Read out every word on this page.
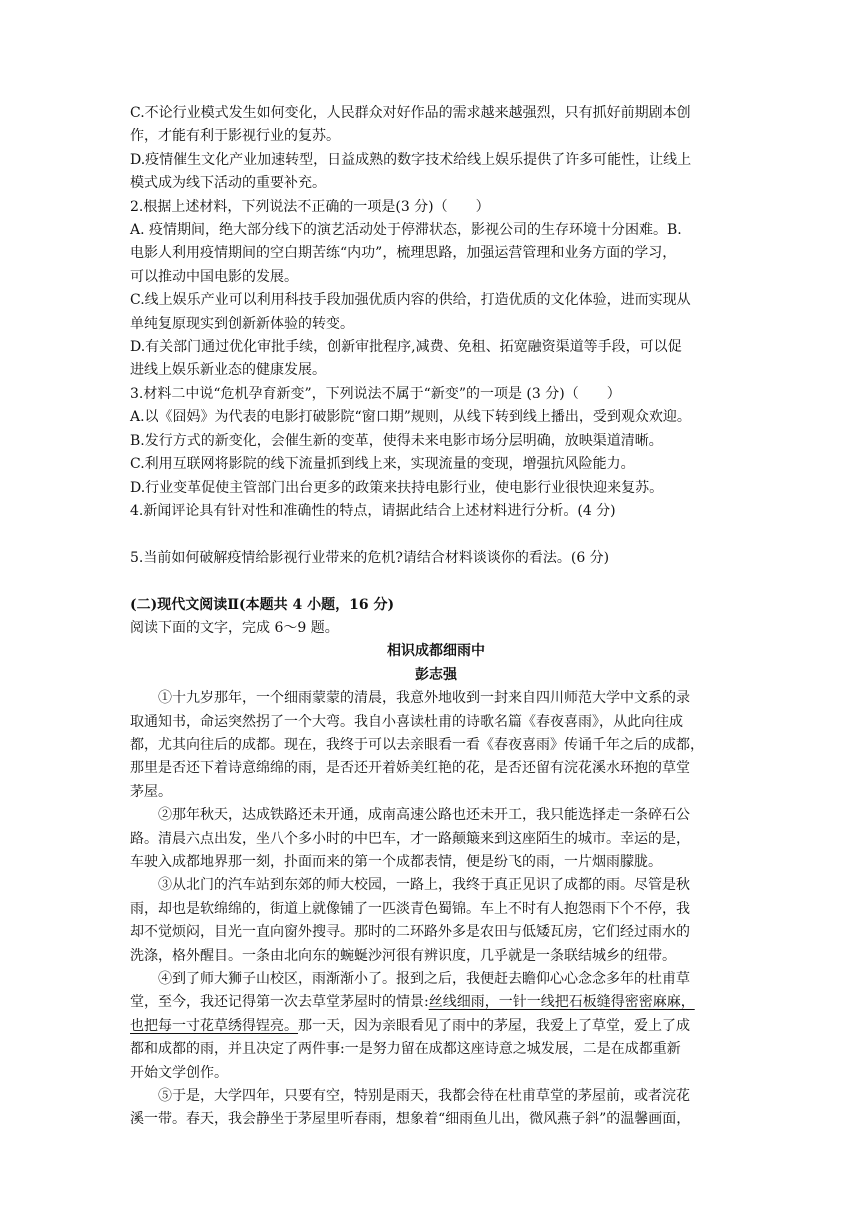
C.不论行业模式发生如何变化，人民群众对好作品的需求越来越强烈，只有抓好前期剧本创

作，才能有利于影视行业的复苏。

D.疫情催生文化产业加速转型，日益成熟的数字技术给线上娱乐提供了许多可能性，让线上

模式成为线下活动的重要补充。

2.根据上述材料，下列说法不正确的一项是(3 分)（　　）

A. 疫情期间，绝大部分线下的演艺活动处于停滞状态，影视公司的生存环境十分困难。B.

电影人利用疫情期间的空白期苦练“内功”，梳理思路，加强运营管理和业务方面的学习，

可以推动中国电影的发展。

C.线上娱乐产业可以利用科技手段加强优质内容的供给，打造优质的文化体验，进而实现从

单纯复原现实到创新新体验的转变。

D.有关部门通过优化审批手续，创新审批程序,减费、免租、拓宽融资渠道等手段，可以促

进线上娱乐新业态的健康发展。

3.材料二中说“危机孕育新变”，下列说法不属于“新变”的一项是 (3 分)（　　）

A.以《囧妈》为代表的电影打破影院“窗口期”规则，从线下转到线上播出，受到观众欢迎。

B.发行方式的新变化，会催生新的变革，使得未来电影市场分层明确，放映渠道清晰。

C.利用互联网将影院的线下流量抓到线上来，实现流量的变现，增强抗风险能力。

D.行业变革促使主管部门出台更多的政策来扶持电影行业，使电影行业很快迎来复苏。

4.新闻评论具有针对性和准确性的特点，请据此结合上述材料进行分析。(4 分)

5.当前如何破解疫情给影视行业带来的危机?请结合材料谈谈你的看法。(6 分)

(二)现代文阅读Ⅱ(本题共 4 小题，16 分)

阅读下面的文字，完成 6～9 题。

相识成都细雨中

彭志强

①十九岁那年，一个细雨蒙蒙的清晨，我意外地收到一封来自四川师范大学中文系的录

取通知书，命运突然拐了一个大弯。我自小喜读杜甫的诗歌名篇《春夜喜雨》，从此向往成

都，尤其向往后的成都。现在，我终于可以去亲眼看一看《春夜喜雨》传诵千年之后的成都，

那里是否还下着诗意绵绵的雨，是否还开着娇美红艳的花，是否还留有浣花溪水环抱的草堂

茅屋。

②那年秋天，达成铁路还未开通，成南高速公路也还未开工，我只能选择走一条碎石公

路。清晨六点出发，坐八个多小时的中巴车，才一路颠簸来到这座陌生的城市。幸运的是，

车驶入成都地界那一刻，扑面而来的第一个成都表情，便是纷飞的雨，一片烟雨朦胧。

③从北门的汽车站到东郊的师大校园，一路上，我终于真正见识了成都的雨。尽管是秋

雨，却也是软绵绵的，街道上就像铺了一匹淡青色蜀锦。车上不时有人抱怨雨下个不停，我

却不觉烦闷，目光一直向窗外搜寻。那时的二环路外多是农田与低矮瓦房，它们经过雨水的

洗涤，格外醒目。一条由北向东的蜿蜒沙河很有辨识度，几乎就是一条联结城乡的纽带。

④到了师大狮子山校区，雨渐渐小了。报到之后，我便赶去瞻仰心心念念多年的杜甫草

堂，至今，我还记得第一次去草堂茅屋时的情景:丝线细雨，一针一线把石板缝得密密麻麻，

也把每一寸花草绣得锃亮。那一天，因为亲眼看见了雨中的茅屋，我爱上了草堂，爱上了成

都和成都的雨，并且决定了两件事:一是努力留在成都这座诗意之城发展，二是在成都重新

开始文学创作。

⑤于是，大学四年，只要有空，特别是雨天，我都会待在杜甫草堂的茅屋前，或者浣花

溪一带。春天，我会静坐于茅屋里听春雨，想象着“细雨鱼儿出，微风燕子斜”的温馨画面，
